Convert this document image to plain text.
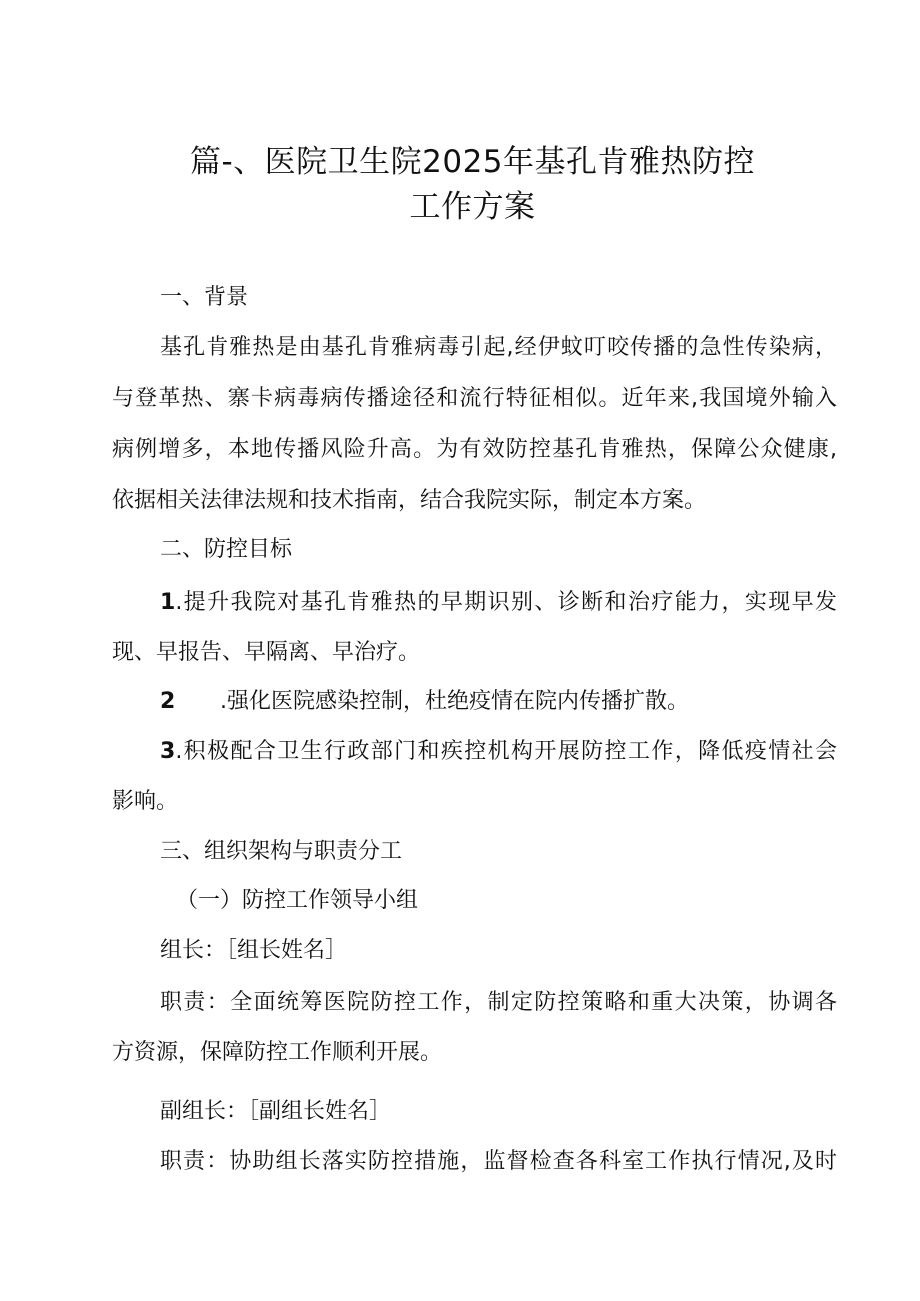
篇-、医院卫生院2025年基孔肯雅热防控
工作方案
一、背景
基孔肯雅热是由基孔肯雅病毒引起,经伊蚊叮咬传播的急性传染病，
与登革热、寨卡病毒病传播途径和流行特征相似。近年来,我国境外输入
病例增多，本地传播风险升高。为有效防控基孔肯雅热，保障公众健康,
依据相关法律法规和技术指南，结合我院实际，制定本方案。
二、防控目标
1.提升我院对基孔肯雅热的早期识别、诊断和治疗能力，实现早发
现、早报告、早隔离、早治疗。
2 .强化医院感染控制，杜绝疫情在院内传播扩散。
3.积极配合卫生行政部门和疾控机构开展防控工作，降低疫情社会
影响。
三、组织架构与职责分工
（一）防控工作领导小组
组长：［组长姓名］
职责：全面统筹医院防控工作，制定防控策略和重大决策，协调各
方资源，保障防控工作顺利开展。
副组长：［副组长姓名］
职责：协助组长落实防控措施，监督检查各科室工作执行情况,及时
